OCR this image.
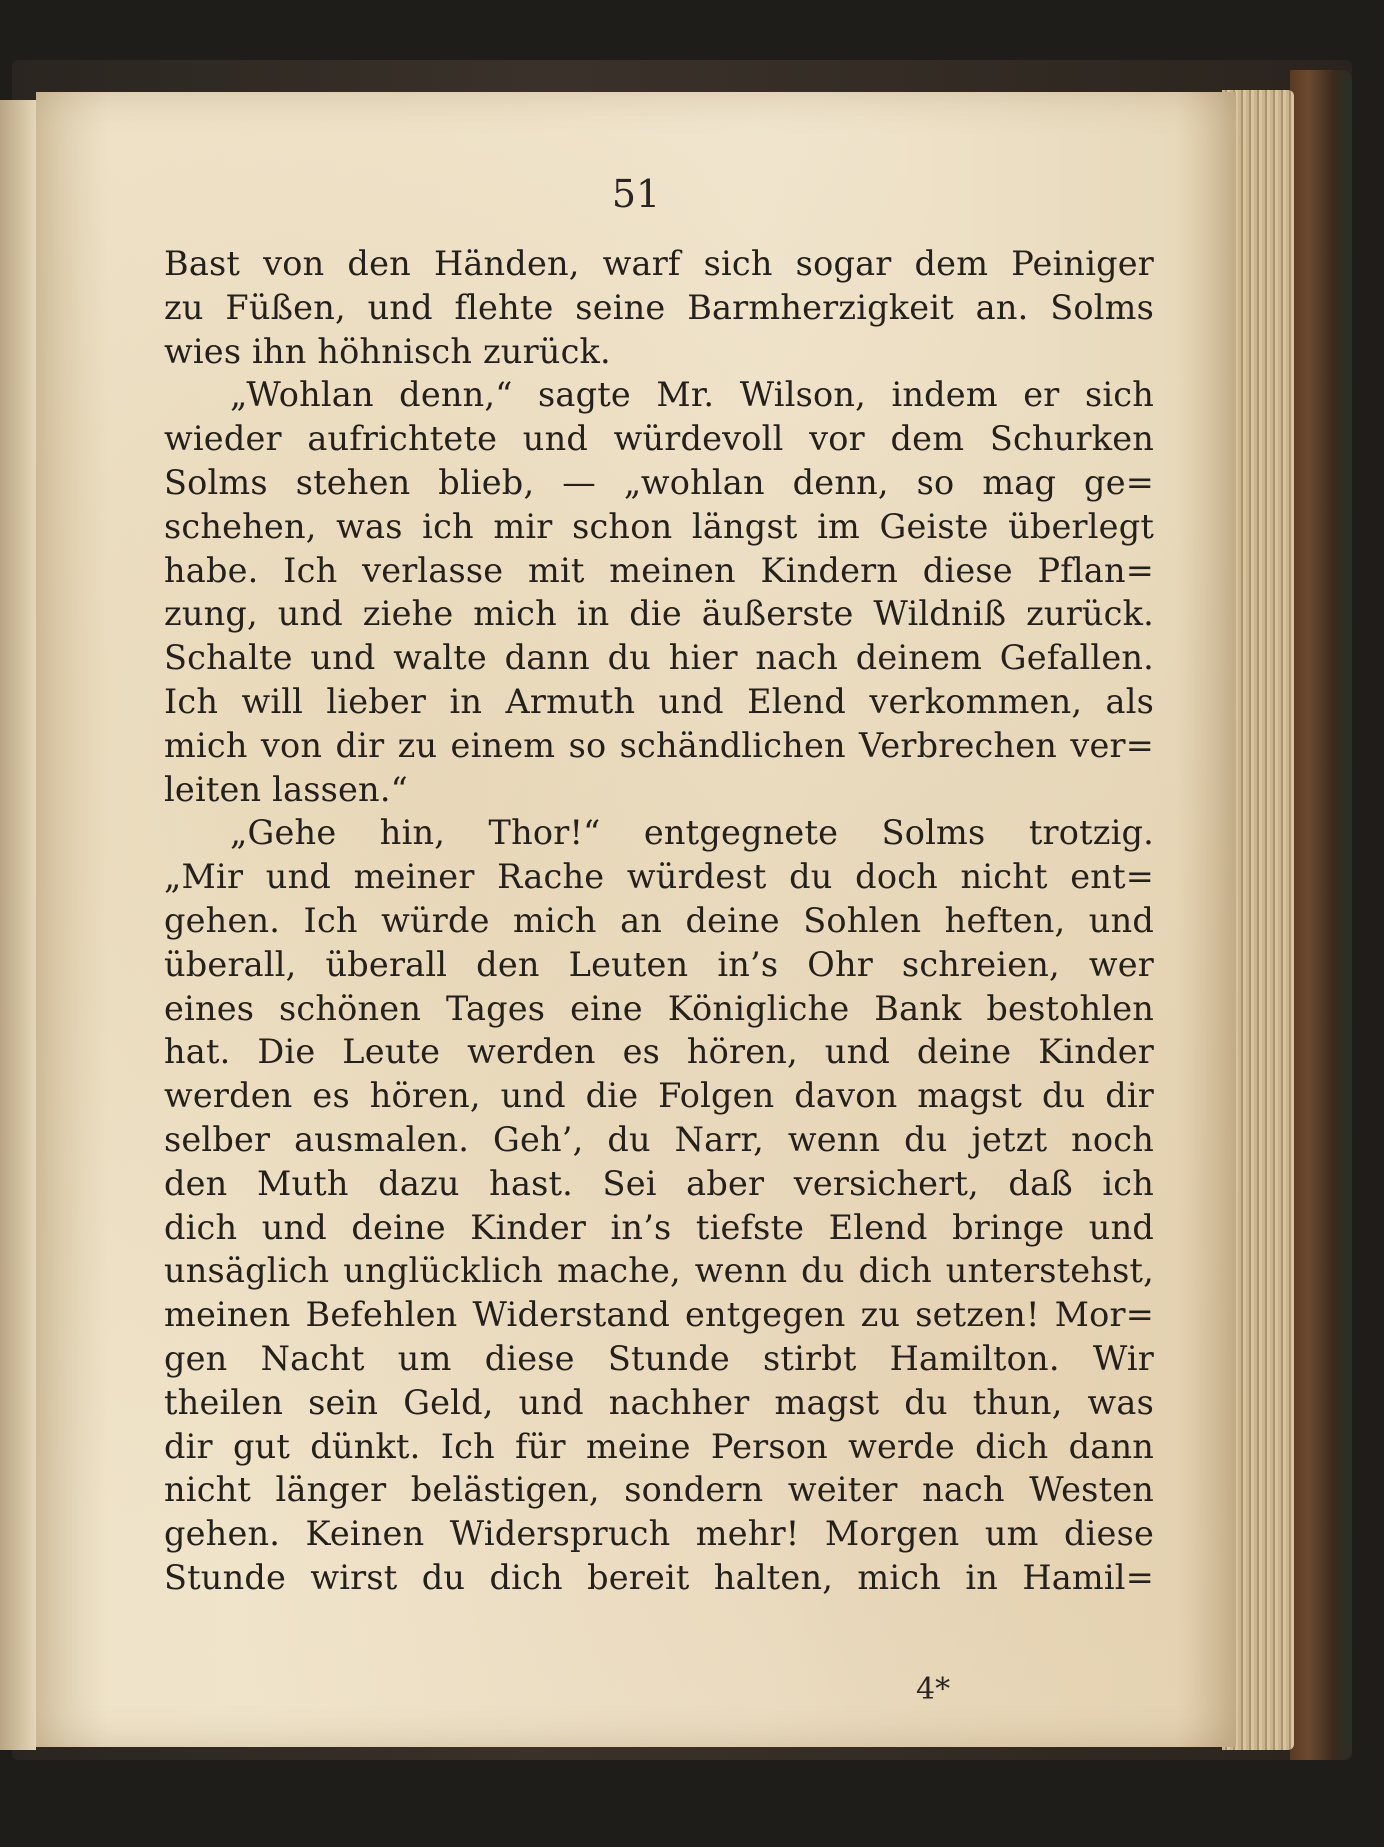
51
Bast von den Händen, warf sich sogar dem Peiniger
zu Füßen, und flehte seine Barmherzigkeit an. Solms
wies ihn höhnisch zurück.
„Wohlan denn,“ sagte Mr. Wilson, indem er sich
wieder aufrichtete und würdevoll vor dem Schurken
Solms stehen blieb, — „wohlan denn, so mag ge=
schehen, was ich mir schon längst im Geiste überlegt
habe. Ich verlasse mit meinen Kindern diese Pflan=
zung, und ziehe mich in die äußerste Wildniß zurück.
Schalte und walte dann du hier nach deinem Gefallen.
Ich will lieber in Armuth und Elend verkommen, als
mich von dir zu einem so schändlichen Verbrechen ver=
leiten lassen.“
„Gehe hin, Thor!“ entgegnete Solms trotzig.
„Mir und meiner Rache würdest du doch nicht ent=
gehen. Ich würde mich an deine Sohlen heften, und
überall, überall den Leuten in’s Ohr schreien, wer
eines schönen Tages eine Königliche Bank bestohlen
hat. Die Leute werden es hören, und deine Kinder
werden es hören, und die Folgen davon magst du dir
selber ausmalen. Geh’, du Narr, wenn du jetzt noch
den Muth dazu hast. Sei aber versichert, daß ich
dich und deine Kinder in’s tiefste Elend bringe und
unsäglich unglücklich mache, wenn du dich unterstehst,
meinen Befehlen Widerstand entgegen zu setzen! Mor=
gen Nacht um diese Stunde stirbt Hamilton. Wir
theilen sein Geld, und nachher magst du thun, was
dir gut dünkt. Ich für meine Person werde dich dann
nicht länger belästigen, sondern weiter nach Westen
gehen. Keinen Widerspruch mehr! Morgen um diese
Stunde wirst du dich bereit halten, mich in Hamil=
4*
